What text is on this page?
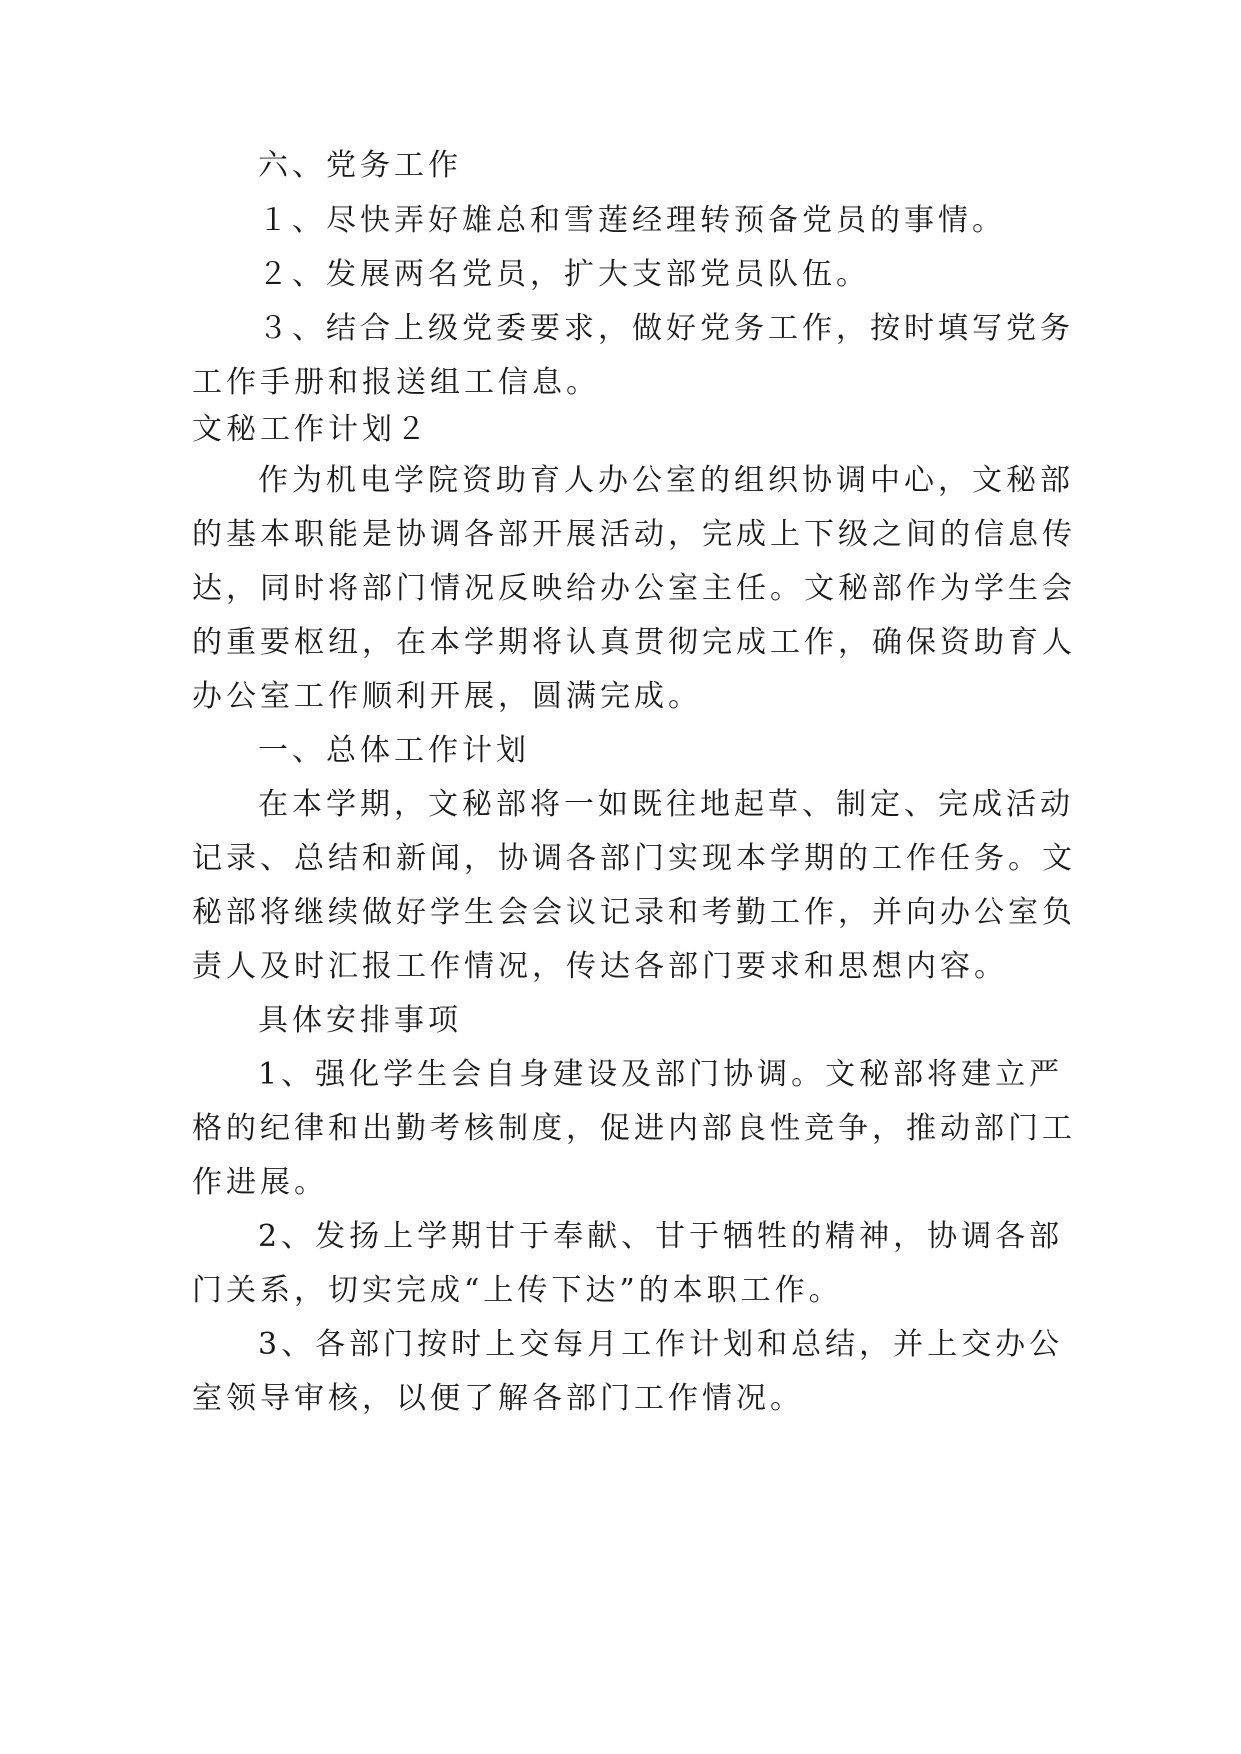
六、党务工作
１、尽快弄好雄总和雪莲经理转预备党员的事情。
２、发展两名党员，扩大支部党员队伍。
３、结合上级党委要求，做好党务工作，按时填写党务
工作手册和报送组工信息。
文秘工作计划２
作为机电学院资助育人办公室的组织协调中心，文秘部
的基本职能是协调各部开展活动，完成上下级之间的信息传
达，同时将部门情况反映给办公室主任。文秘部作为学生会
的重要枢纽，在本学期将认真贯彻完成工作，确保资助育人
办公室工作顺利开展，圆满完成。
一、总体工作计划
在本学期，文秘部将一如既往地起草、制定、完成活动
记录、总结和新闻，协调各部门实现本学期的工作任务。文
秘部将继续做好学生会会议记录和考勤工作，并向办公室负
责人及时汇报工作情况，传达各部门要求和思想内容。
具体安排事项
1、强化学生会自身建设及部门协调。文秘部将建立严
格的纪律和出勤考核制度，促进内部良性竞争，推动部门工
作进展。
2、发扬上学期甘于奉献、甘于牺牲的精神，协调各部
门关系，切实完成“上传下达”的本职工作。
3、各部门按时上交每月工作计划和总结，并上交办公
室领导审核，以便了解各部门工作情况。
